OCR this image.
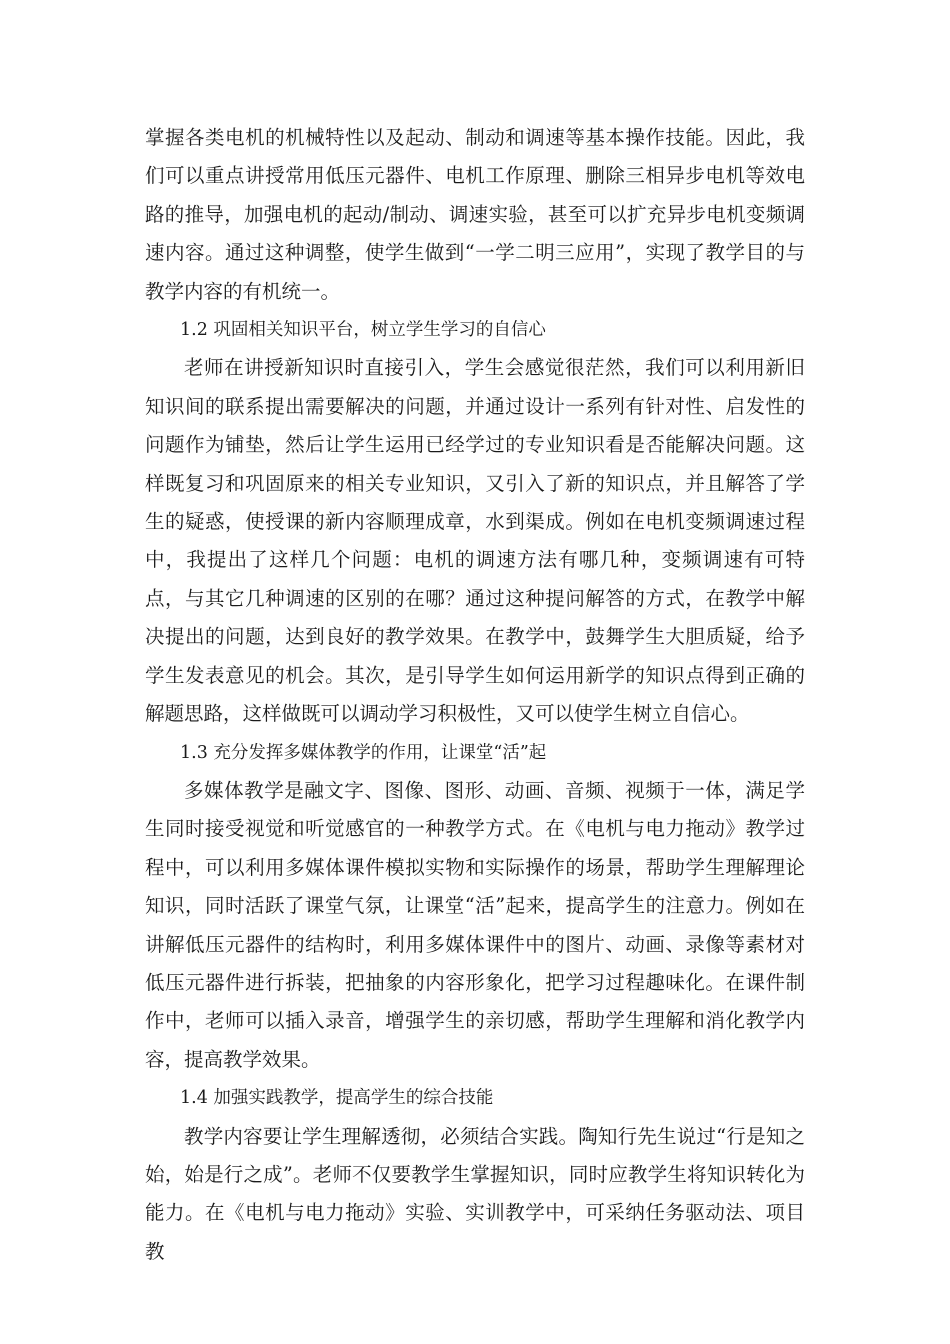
掌握各类电机的机械特性以及起动、制动和调速等基本操作技能。因此，我们可以重点讲授常用低压元器件、电机工作原理、删除三相异步电机等效电路的推导，加强电机的起动/制动、调速实验，甚至可以扩充异步电机变频调速内容。通过这种调整，使学生做到“一学二明三应用”，实现了教学目的与教学内容的有机统一。

1.2 巩固相关知识平台，树立学生学习的自信心

老师在讲授新知识时直接引入，学生会感觉很茫然，我们可以利用新旧知识间的联系提出需要解决的问题，并通过设计一系列有针对性、启发性的问题作为铺垫，然后让学生运用已经学过的专业知识看是否能解决问题。这样既复习和巩固原来的相关专业知识，又引入了新的知识点，并且解答了学生的疑惑，使授课的新内容顺理成章，水到渠成。例如在电机变频调速过程中，我提出了这样几个问题：电机的调速方法有哪几种，变频调速有可特点，与其它几种调速的区别的在哪？通过这种提问解答的方式，在教学中解决提出的问题，达到良好的教学效果。在教学中，鼓舞学生大胆质疑，给予学生发表意见的机会。其次，是引导学生如何运用新学的知识点得到正确的解题思路，这样做既可以调动学习积极性，又可以使学生树立自信心。

1.3 充分发挥多媒体教学的作用，让课堂“活”起

多媒体教学是融文字、图像、图形、动画、音频、视频于一体，满足学生同时接受视觉和听觉感官的一种教学方式。在《电机与电力拖动》教学过程中，可以利用多媒体课件模拟实物和实际操作的场景，帮助学生理解理论知识，同时活跃了课堂气氛，让课堂“活”起来，提高学生的注意力。例如在讲解低压元器件的结构时，利用多媒体课件中的图片、动画、录像等素材对低压元器件进行拆装，把抽象的内容形象化，把学习过程趣味化。在课件制作中，老师可以插入录音，增强学生的亲切感，帮助学生理解和消化教学内容，提高教学效果。

1.4 加强实践教学，提高学生的综合技能

教学内容要让学生理解透彻，必须结合实践。陶知行先生说过“行是知之始，始是行之成”。老师不仅要教学生掌握知识，同时应教学生将知识转化为能力。在《电机与电力拖动》实验、实训教学中，可采纳任务驱动法、项目教
